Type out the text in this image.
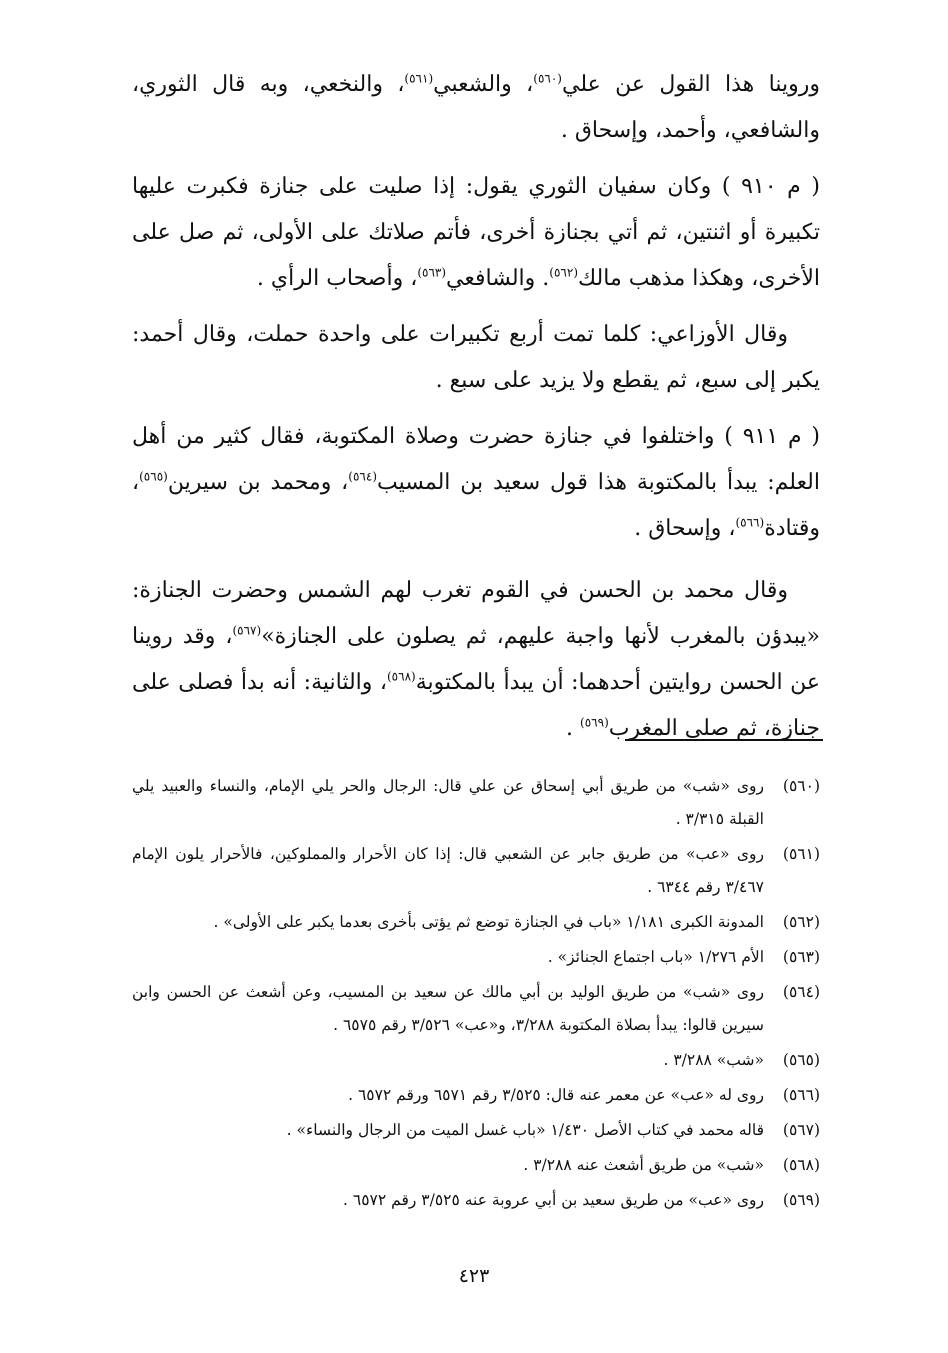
وروينا هذا القول عن علي$^{(٥٦٠)}$، والشعبي$^{(٥٦١)}$، والنخعي، وبه قال الثوري، والشافعي، وأحمد، وإسحاق .

( م ٩١٠ ) وكان سفيان الثوري يقول: إذا صليت على جنازة فكبرت عليها تكبيرة أو اثنتين، ثم أتي بجنازة أخرى، فأتم صلاتك على الأولى، ثم صل على الأخرى، وهكذا مذهب مالك$^{(٥٦٢)}$. والشافعي$^{(٥٦٣)}$، وأصحاب الرأي .

وقال الأوزاعي: كلما تمت أربع تكبيرات على واحدة حملت، وقال أحمد: يكبر إلى سبع، ثم يقطع ولا يزيد على سبع .

( م ٩١١ ) واختلفوا في جنازة حضرت وصلاة المكتوبة، فقال كثير من أهل العلم: يبدأ بالمكتوبة هذا قول سعيد بن المسيب$^{(٥٦٤)}$، ومحمد بن سيرين$^{(٥٦٥)}$، وقتادة$^{(٥٦٦)}$، وإسحاق .

وقال محمد بن الحسن في القوم تغرب لهم الشمس وحضرت الجنازة: «يبدؤن بالمغرب لأنها واجبة عليهم، ثم يصلون على الجنازة»$^{(٥٦٧)}$، وقد روينا عن الحسن روايتين أحدهما: أن يبدأ بالمكتوبة$^{(٥٦٨)}$، والثانية: أنه بدأ فصلى على جنازة، ثم صلى المغرب$^{(٥٦٩)}$ .

(٥٦٠)روى «شب» من طريق أبي إسحاق عن علي قال: الرجال والحر يلي الإمام، والنساء والعبيد يلي القبلة ٣/٣١٥ .

(٥٦١)روى «عب» من طريق جابر عن الشعبي قال: إذا كان الأحرار والمملوكين، فالأحرار يلون الإمام ٣/٤٦٧ رقم ٦٣٤٤ .

(٥٦٢)المدونة الكبرى ١/١٨١ «باب في الجنازة توضع ثم يؤتى بأخرى بعدما يكبر على الأولى» .

(٥٦٣)الأم ١/٢٧٦ «باب اجتماع الجنائز» .

(٥٦٤)روى «شب» من طريق الوليد بن أبي مالك عن سعيد بن المسيب، وعن أشعث عن الحسن وابن سيرين قالوا: يبدأ بصلاة المكتوبة ٣/٢٨٨، و«عب» ٣/٥٢٦ رقم ٦٥٧٥ .

(٥٦٥)«شب» ٣/٢٨٨ .

(٥٦٦)روى له «عب» عن معمر عنه قال: ٣/٥٢٥ رقم ٦٥٧١ ورقم ٦٥٧٢ .

(٥٦٧)قاله محمد في كتاب الأصل ١/٤٣٠ «باب غسل الميت من الرجال والنساء» .

(٥٦٨)«شب» من طريق أشعث عنه ٣/٢٨٨ .

(٥٦٩)روى «عب» من طريق سعيد بن أبي عروبة عنه ٣/٥٢٥ رقم ٦٥٧٢ .

٤٢٣
